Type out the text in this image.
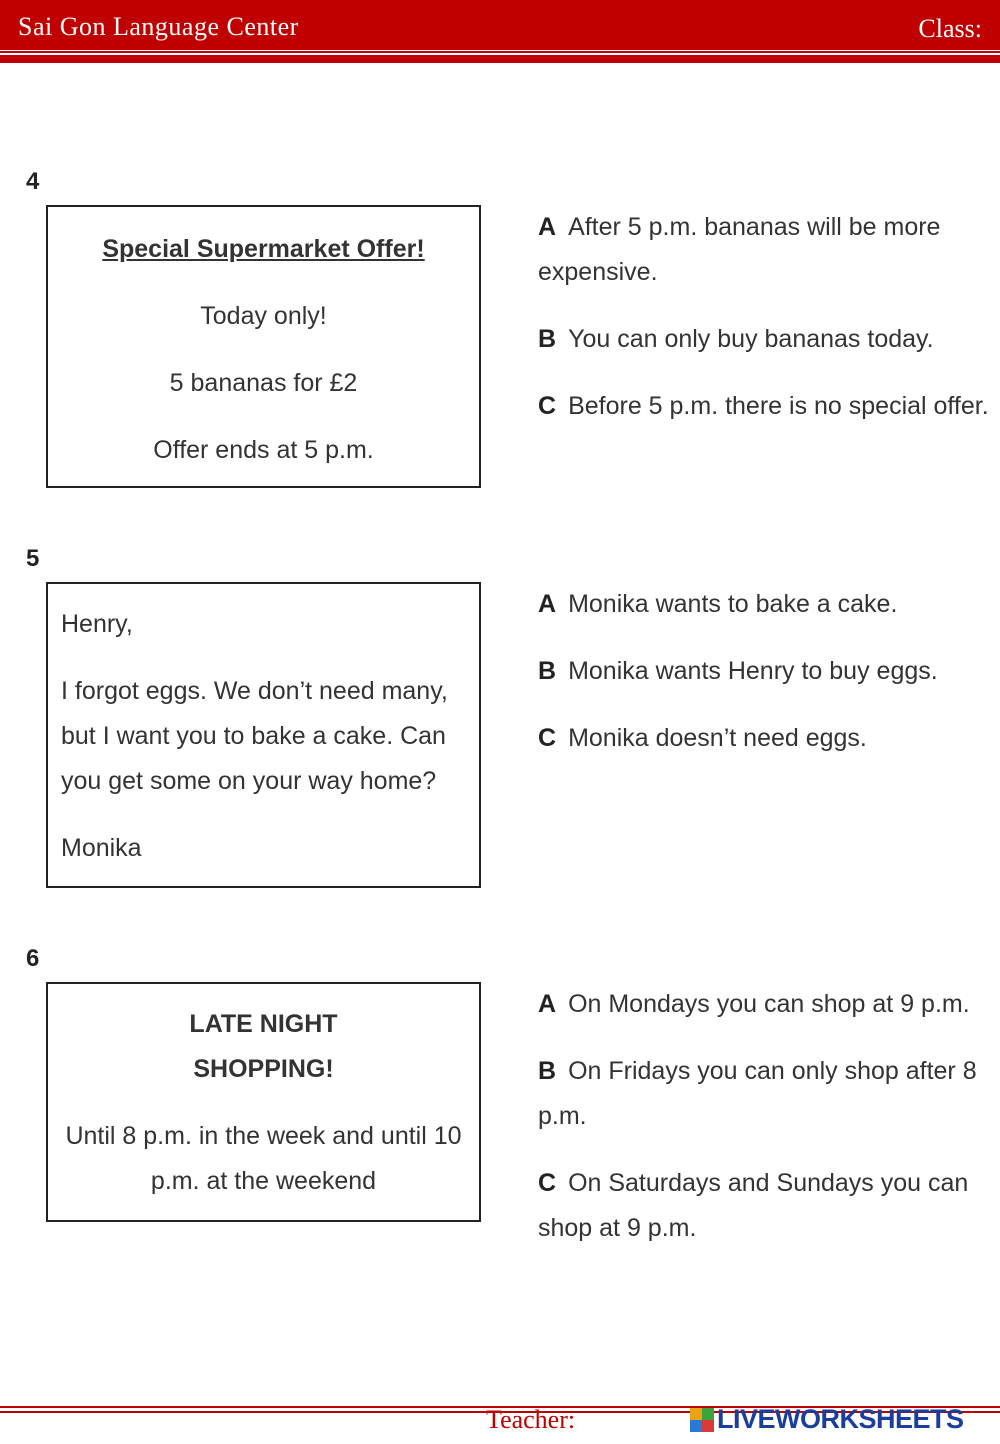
Sai Gon Language Center	Class:
4

Special Supermarket Offer!

Today only!

5 bananas for £2

Offer ends at 5 p.m.

A After 5 p.m. bananas will be more expensive.

B You can only buy bananas today.

C Before 5 p.m. there is no special offer.

5

Henry,

I forgot eggs. We don’t need many, but I want you to bake a cake. Can you get some on your way home?

Monika

A Monika wants to bake a cake.

B Monika wants Henry to buy eggs.

C Monika doesn’t need eggs.

6

LATE NIGHT

SHOPPING!

Until 8 p.m. in the week and until 10 p.m. at the weekend

A On Mondays you can shop at 9 p.m.

B On Fridays you can only shop after 8 p.m.

C On Saturdays and Sundays you can shop at 9 p.m.

Teacher:	LIVEWORKSHEETS
